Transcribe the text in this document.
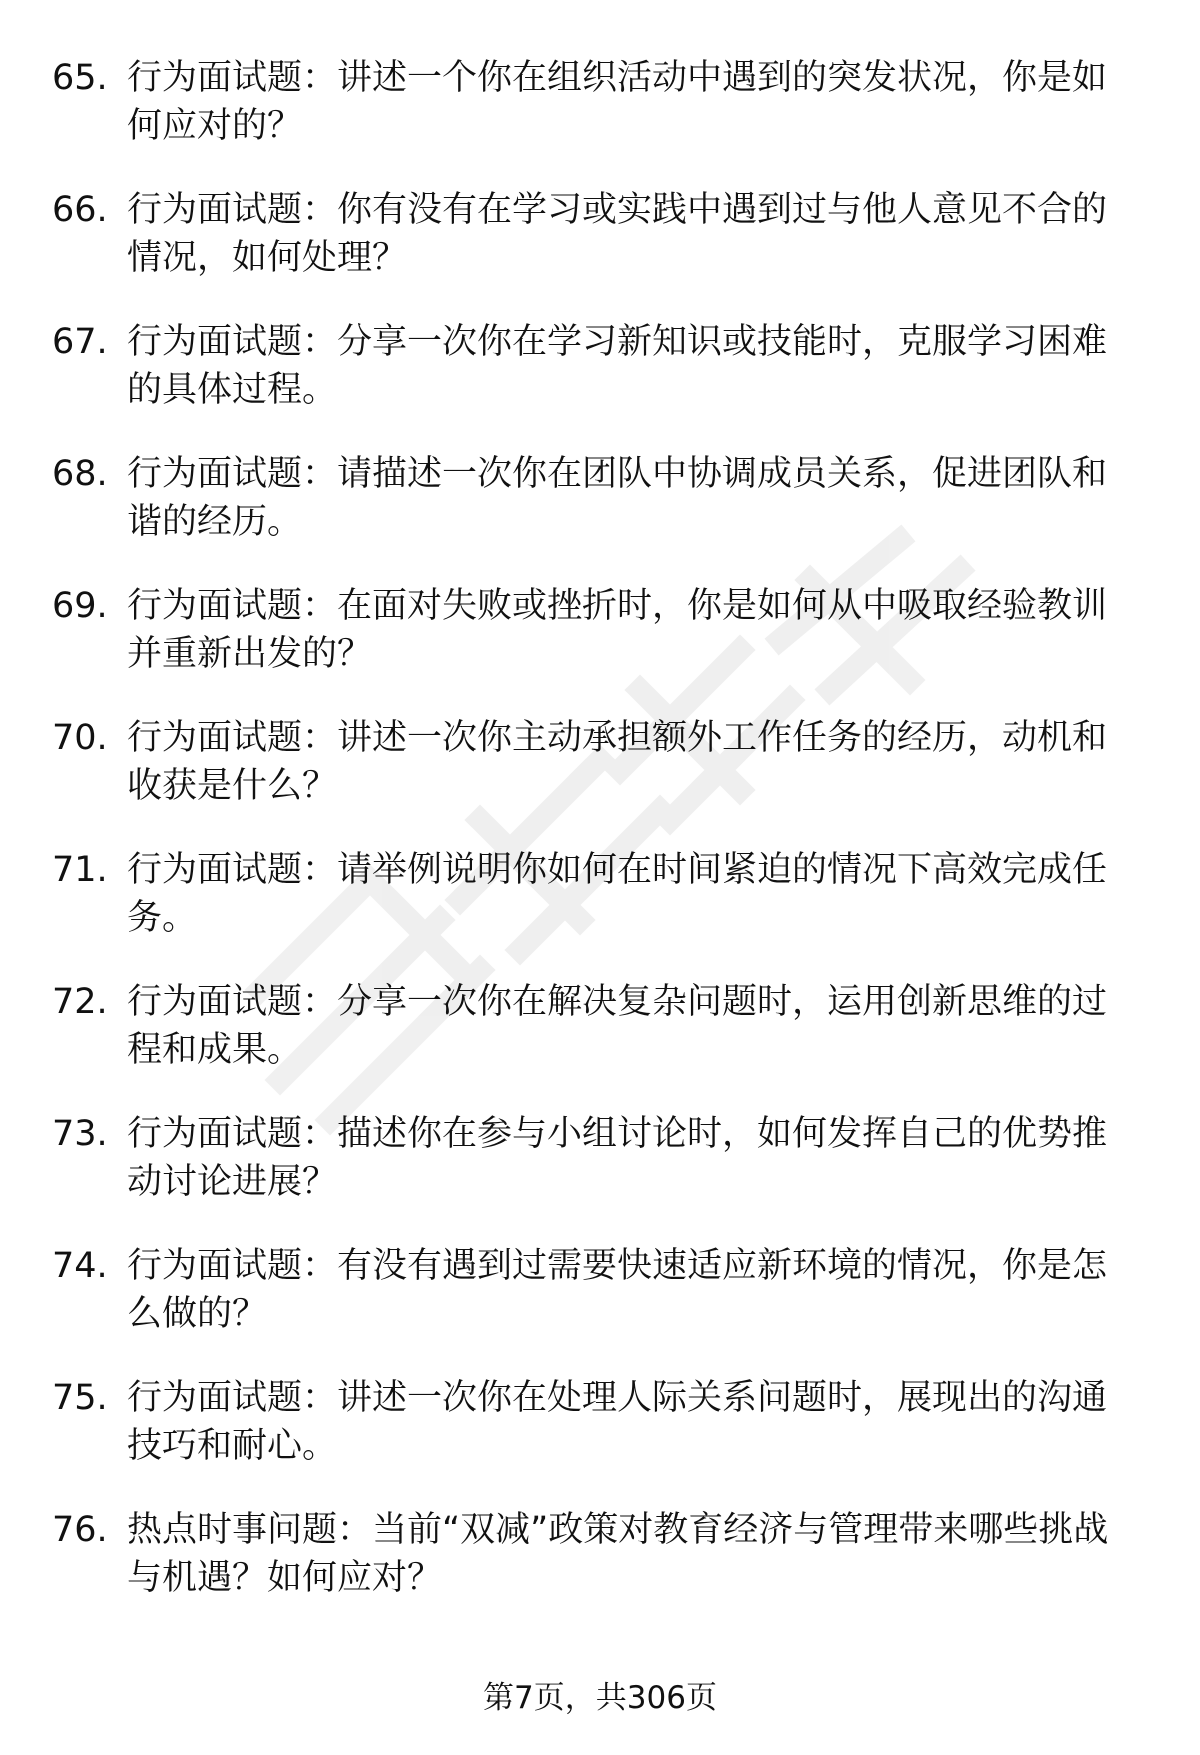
65. 行为面试题：讲述一个你在组织活动中遇到的突发状况，你是如何应对的？
66. 行为面试题：你有没有在学习或实践中遇到过与他人意见不合的情况，如何处理？
67. 行为面试题：分享一次你在学习新知识或技能时，克服学习困难的具体过程。
68. 行为面试题：请描述一次你在团队中协调成员关系，促进团队和谐的经历。
69. 行为面试题：在面对失败或挫折时，你是如何从中吸取经验教训并重新出发的？
70. 行为面试题：讲述一次你主动承担额外工作任务的经历，动机和收获是什么？
71. 行为面试题：请举例说明你如何在时间紧迫的情况下高效完成任务。
72. 行为面试题：分享一次你在解决复杂问题时，运用创新思维的过程和成果。
73. 行为面试题：描述你在参与小组讨论时，如何发挥自己的优势推动讨论进展？
74. 行为面试题：有没有遇到过需要快速适应新环境的情况，你是怎么做的？
75. 行为面试题：讲述一次你在处理人际关系问题时，展现出的沟通技巧和耐心。
76. 热点时事问题：当前“双减”政策对教育经济与管理带来哪些挑战与机遇？如何应对？
第7页，共306页
